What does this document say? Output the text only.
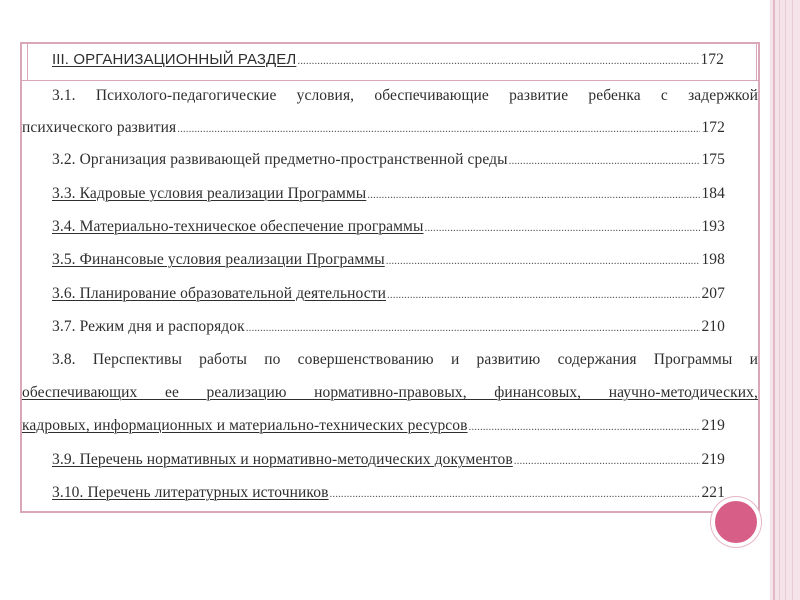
III. ОРГАНИЗАЦИОННЫЙ РАЗДЕЛ .....	172
3.1. Психолого-педагогические условия, обеспечивающие развитие ребенка с задержкой
психического развития .....	172
3.2. Организация развивающей предметно-пространственной среды .....	175
3.3. Кадровые условия реализации Программы .....	184
3.4. Материально-техническое обеспечение программы .....	193
3.5. Финансовые условия реализации Программы .....	198
3.6. Планирование образовательной деятельности .....	207
3.7. Режим дня и распорядок .....	210
3.8. Перспективы работы по совершенствованию и развитию содержания Программы и
обеспечивающих ее реализацию нормативно-правовых, финансовых, научно-методических,
кадровых, информационных и материально-технических ресурсов .....	219
3.9. Перечень нормативных и нормативно-методических документов .....	219
3.10. Перечень литературных источников .....	221
